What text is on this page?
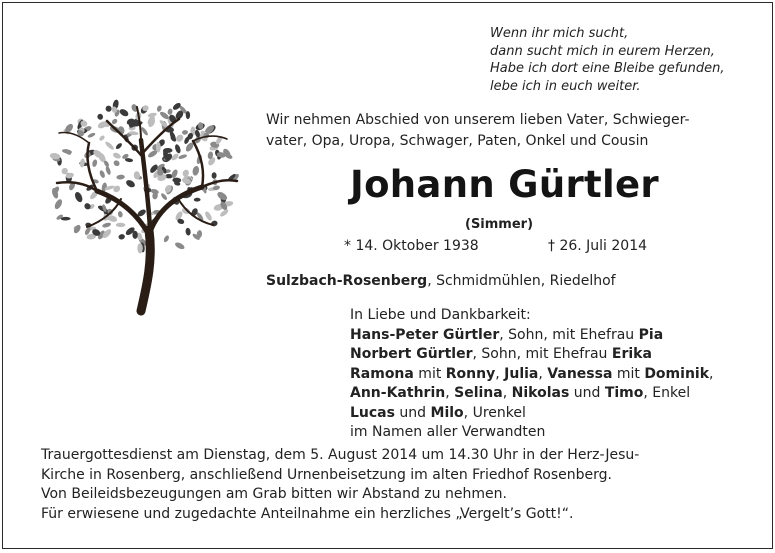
Wenn ihr mich sucht,
dann sucht mich in eurem Herzen,
Habe ich dort eine Bleibe gefunden,
lebe ich in euch weiter.
Wir nehmen Abschied von unserem lieben Vater, Schwieger-
vater, Opa, Uropa, Schwager, Paten, Onkel und Cousin
Johann Gürtler
(Simmer)
* 14. Oktober 1938	† 26. Juli 2014
Sulzbach-Rosenberg, Schmidmühlen, Riedelhof
In Liebe und Dankbarkeit:
Hans-Peter Gürtler, Sohn, mit Ehefrau Pia
Norbert Gürtler, Sohn, mit Ehefrau Erika
Ramona mit Ronny, Julia, Vanessa mit Dominik,
Ann-Kathrin, Selina, Nikolas und Timo, Enkel
Lucas und Milo, Urenkel
im Namen aller Verwandten
Trauergottesdienst am Dienstag, dem 5. August 2014 um 14.30 Uhr in der Herz-Jesu-
Kirche in Rosenberg, anschließend Urnenbeisetzung im alten Friedhof Rosenberg.
Von Beileidsbezeugungen am Grab bitten wir Abstand zu nehmen.
Für erwiesene und zugedachte Anteilnahme ein herzliches „Vergelt’s Gott!“.
